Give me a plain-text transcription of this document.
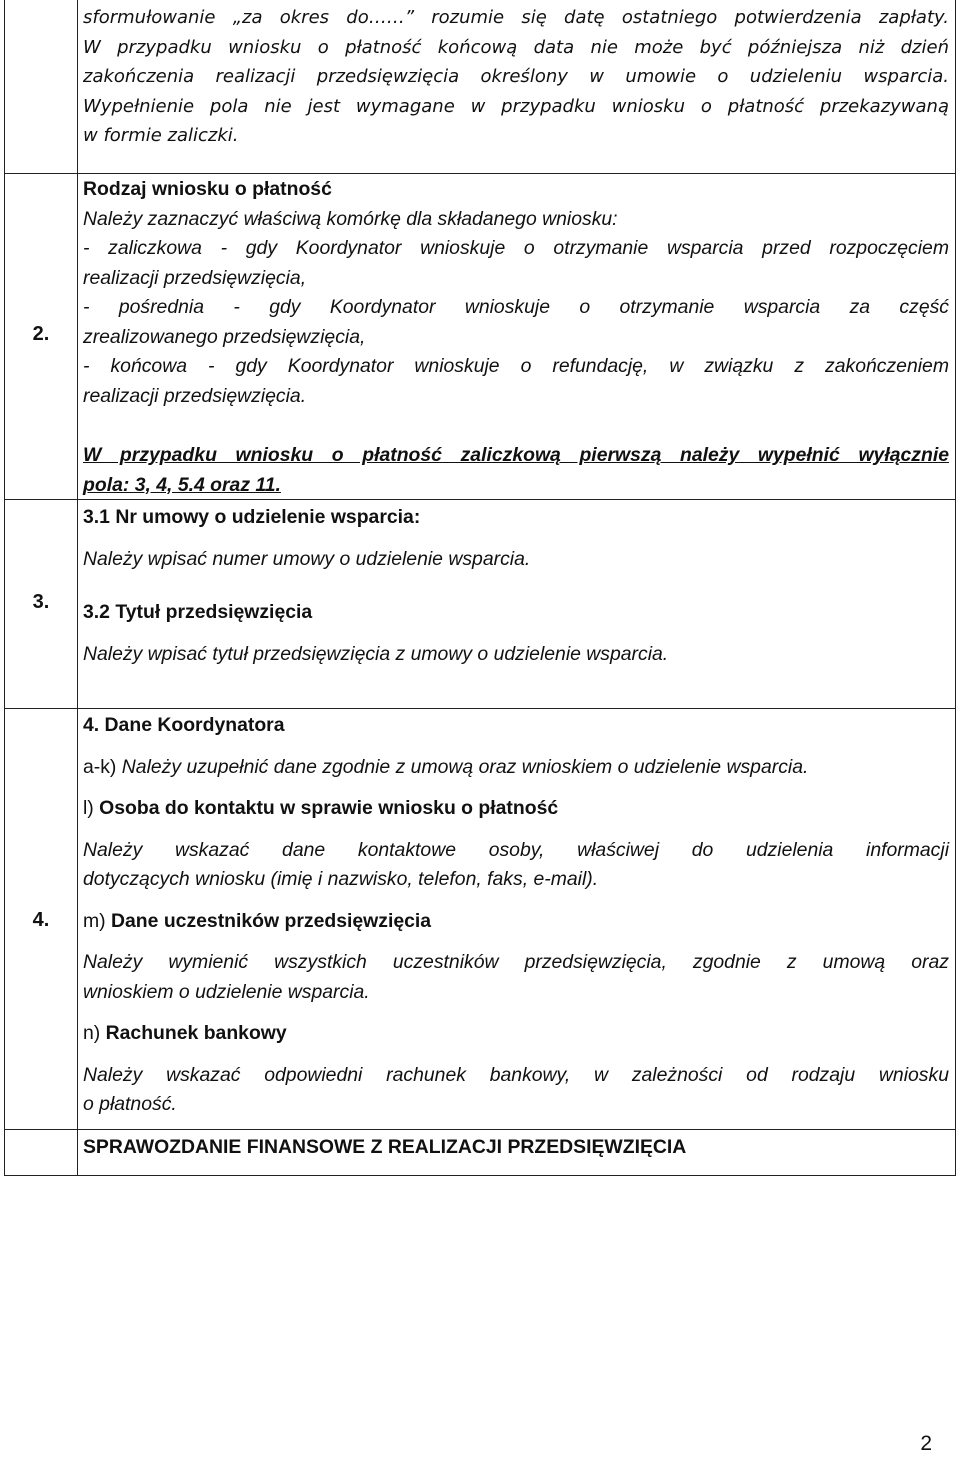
sformułowanie „za okres do……” rozumie się datę ostatniego potwierdzenia zapłaty.
W przypadku wniosku o płatność końcową data nie może być późniejsza niż dzień
zakończenia realizacji przedsięwzięcia określony w umowie o udzieleniu wsparcia.
Wypełnienie pola nie jest wymagane w przypadku wniosku o płatność przekazywaną
w formie zaliczki.
2.
Rodzaj wniosku o płatność
Należy zaznaczyć właściwą komórkę dla składanego wniosku:
- zaliczkowa - gdy Koordynator wnioskuje o otrzymanie wsparcia przed rozpoczęciem
realizacji przedsięwzięcia,
- pośrednia - gdy Koordynator wnioskuje o otrzymanie wsparcia za część
zrealizowanego przedsięwzięcia,
- końcowa - gdy Koordynator wnioskuje o refundację, w związku z zakończeniem
realizacji przedsięwzięcia.
W przypadku wniosku o płatność zaliczkową pierwszą należy wypełnić wyłącznie
pola: 3, 4, 5.4 oraz 11.
3.
3.1 Nr umowy o udzielenie wsparcia:
Należy wpisać numer umowy o udzielenie wsparcia.
3.2 Tytuł przedsięwzięcia
Należy wpisać tytuł przedsięwzięcia z umowy o udzielenie wsparcia.
4.
4. Dane Koordynatora
a-k) Należy uzupełnić dane zgodnie z umową oraz wnioskiem o udzielenie wsparcia.
l) Osoba do kontaktu w sprawie wniosku o płatność
Należy wskazać dane kontaktowe osoby, właściwej do udzielenia informacji
dotyczących wniosku (imię i nazwisko, telefon, faks, e-mail).
m) Dane uczestników przedsięwzięcia
Należy wymienić wszystkich uczestników przedsięwzięcia, zgodnie z umową oraz
wnioskiem o udzielenie wsparcia.
n) Rachunek bankowy
Należy wskazać odpowiedni rachunek bankowy, w zależności od rodzaju wniosku
o płatność.
SPRAWOZDANIE FINANSOWE Z REALIZACJI PRZEDSIĘWZIĘCIA
2
